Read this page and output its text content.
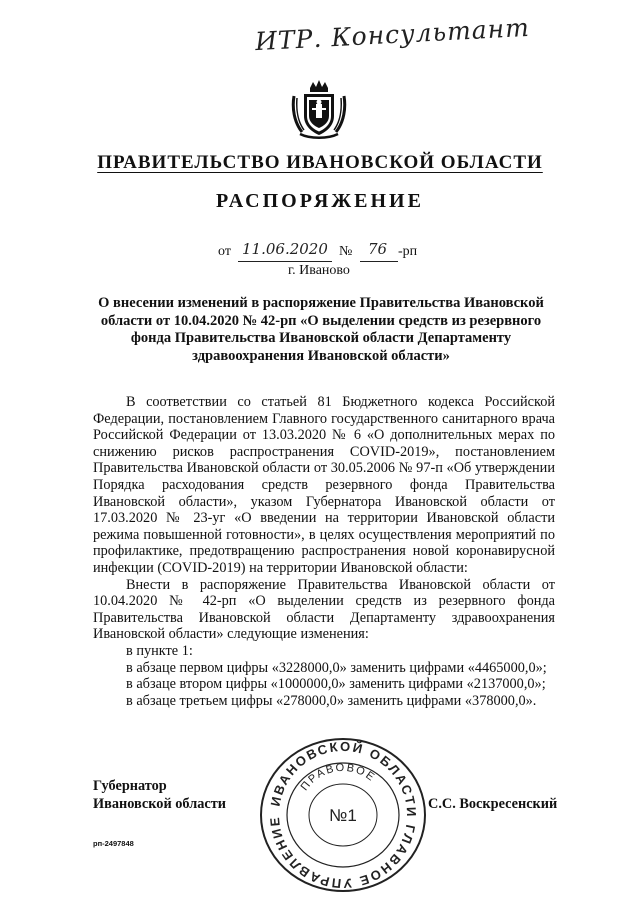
ИТР. Консультант
ПРАВИТЕЛЬСТВО ИВАНОВСКОЙ ОБЛАСТИ
РАСПОРЯЖЕНИЕ
от 11.06.2020 № 76 -рп
г. Иваново
О внесении изменений в распоряжение Правительства Ивановской области от 10.04.2020 № 42-рп «О выделении средств из резервного фонда Правительства Ивановской области Департаменту здравоохранения Ивановской области»

В соответствии со статьей 81 Бюджетного кодекса Российской Федерации, постановлением Главного государственного санитарного врача Российской Федерации от 13.03.2020 № 6 «О дополнительных мерах по снижению рисков распространения COVID-2019», постановлением Правительства Ивановской области от 30.05.2006 № 97-п «Об утверждении Порядка расходования средств резервного фонда Правительства Ивановской области», указом Губернатора Ивановской области от 17.03.2020 № 23-уг «О введении на территории Ивановской области режима повышенной готовности», в целях осуществления мероприятий по профилактике, предотвращению распространения новой коронавирусной инфекции (COVID-2019) на территории Ивановской области:

Внести в распоряжение Правительства Ивановской области от 10.04.2020 № 42-рп «О выделении средств из резервного фонда Правительства Ивановской области Департаменту здравоохранения Ивановской области» следующие изменения:

в пункте 1:

в абзаце первом цифры «3228000,0» заменить цифрами «4465000,0»;

в абзаце втором цифры «1000000,0» заменить цифрами «2137000,0»;

в абзаце третьем цифры «278000,0» заменить цифрами «378000,0».

Губернатор
Ивановской области	С.С. Воскресенский
рп-2497848
ИВАНОВСКОЙ ОБЛАСТИ ГЛАВНОЕ УПРАВЛЕНИЕ
ПРАВОВОЕ
№1
